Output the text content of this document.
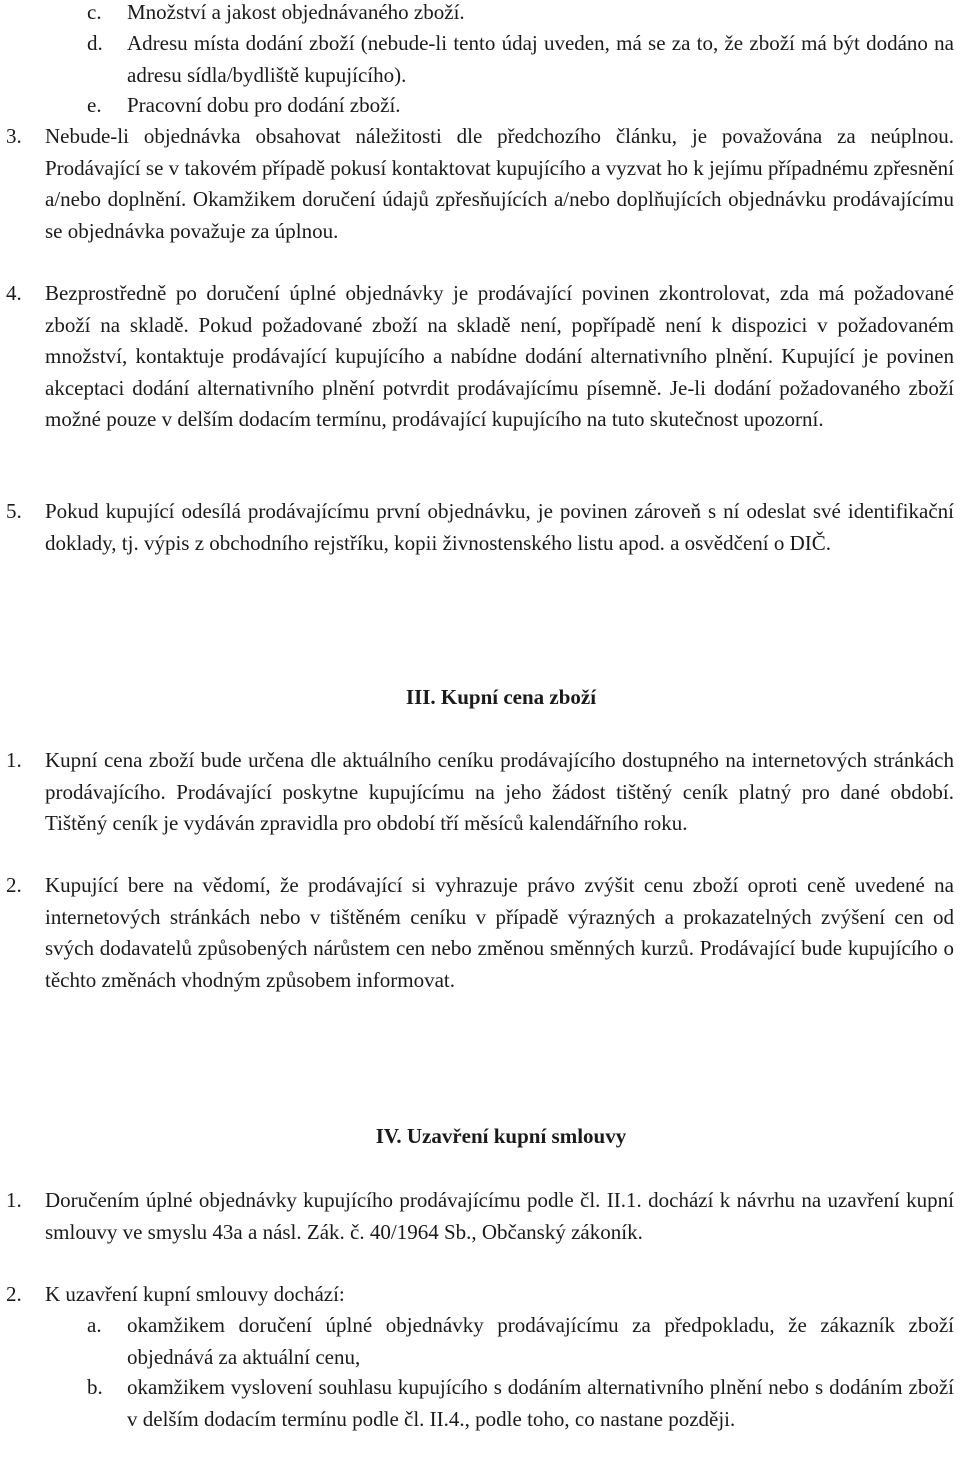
c.	Množství a jakost objednávaného zboží.
d.	Adresu místa dodání zboží (nebude-li tento údaj uveden, má se za to, že zboží má být dodáno na adresu sídla/bydliště kupujícího).
e.	Pracovní dobu pro dodání zboží.
3.	Nebude-li objednávka obsahovat náležitosti dle předchozího článku, je považována za neúplnou. Prodávající se v takovém případě pokusí kontaktovat kupujícího a vyzvat ho k jejímu případnému zpřesnění a/nebo doplnění. Okamžikem doručení údajů zpřesňujících a/nebo doplňujících objednávku prodávajícímu se objednávka považuje za úplnou.
4.	Bezprostředně po doručení úplné objednávky je prodávající povinen zkontrolovat, zda má požadované zboží na skladě. Pokud požadované zboží na skladě není, popřípadě není k dispozici v požadovaném množství, kontaktuje prodávající kupujícího a nabídne dodání alternativního plnění. Kupující je povinen akceptaci dodání alternativního plnění potvrdit prodávajícímu písemně. Je-li dodání požadovaného zboží možné pouze v delším dodacím termínu, prodávající kupujícího na tuto skutečnost upozorní.
5.	Pokud kupující odesílá prodávajícímu první objednávku, je povinen zároveň s ní odeslat své identifikační doklady, tj. výpis z obchodního rejstříku, kopii živnostenského listu apod. a osvědčení o DIČ.
III. Kupní cena zboží
1.	Kupní cena zboží bude určena dle aktuálního ceníku prodávajícího dostupného na internetových stránkách prodávajícího. Prodávající poskytne kupujícímu na jeho žádost tištěný ceník platný pro dané období. Tištěný ceník je vydáván zpravidla pro období tří měsíců kalendářního roku.
2.	Kupující bere na vědomí, že prodávající si vyhrazuje právo zvýšit cenu zboží oproti ceně uvedené na internetových stránkách nebo v tištěném ceníku v případě výrazných a prokazatelných zvýšení cen od svých dodavatelů způsobených nárůstem cen nebo změnou směnných kurzů. Prodávající bude kupujícího o těchto změnách vhodným způsobem informovat.
IV. Uzavření kupní smlouvy
1.	Doručením úplné objednávky kupujícího prodávajícímu podle čl. II.1. dochází k návrhu na uzavření kupní smlouvy ve smyslu 43a a násl. Zák. č. 40/1964 Sb., Občanský zákoník.
2.	K uzavření kupní smlouvy dochází:
a.	okamžikem doručení úplné objednávky prodávajícímu za předpokladu, že zákazník zboží objednává za aktuální cenu,
b.	okamžikem vyslovení souhlasu kupujícího s dodáním alternativního plnění nebo s dodáním zboží v delším dodacím termínu podle čl. II.4., podle toho, co nastane později.
